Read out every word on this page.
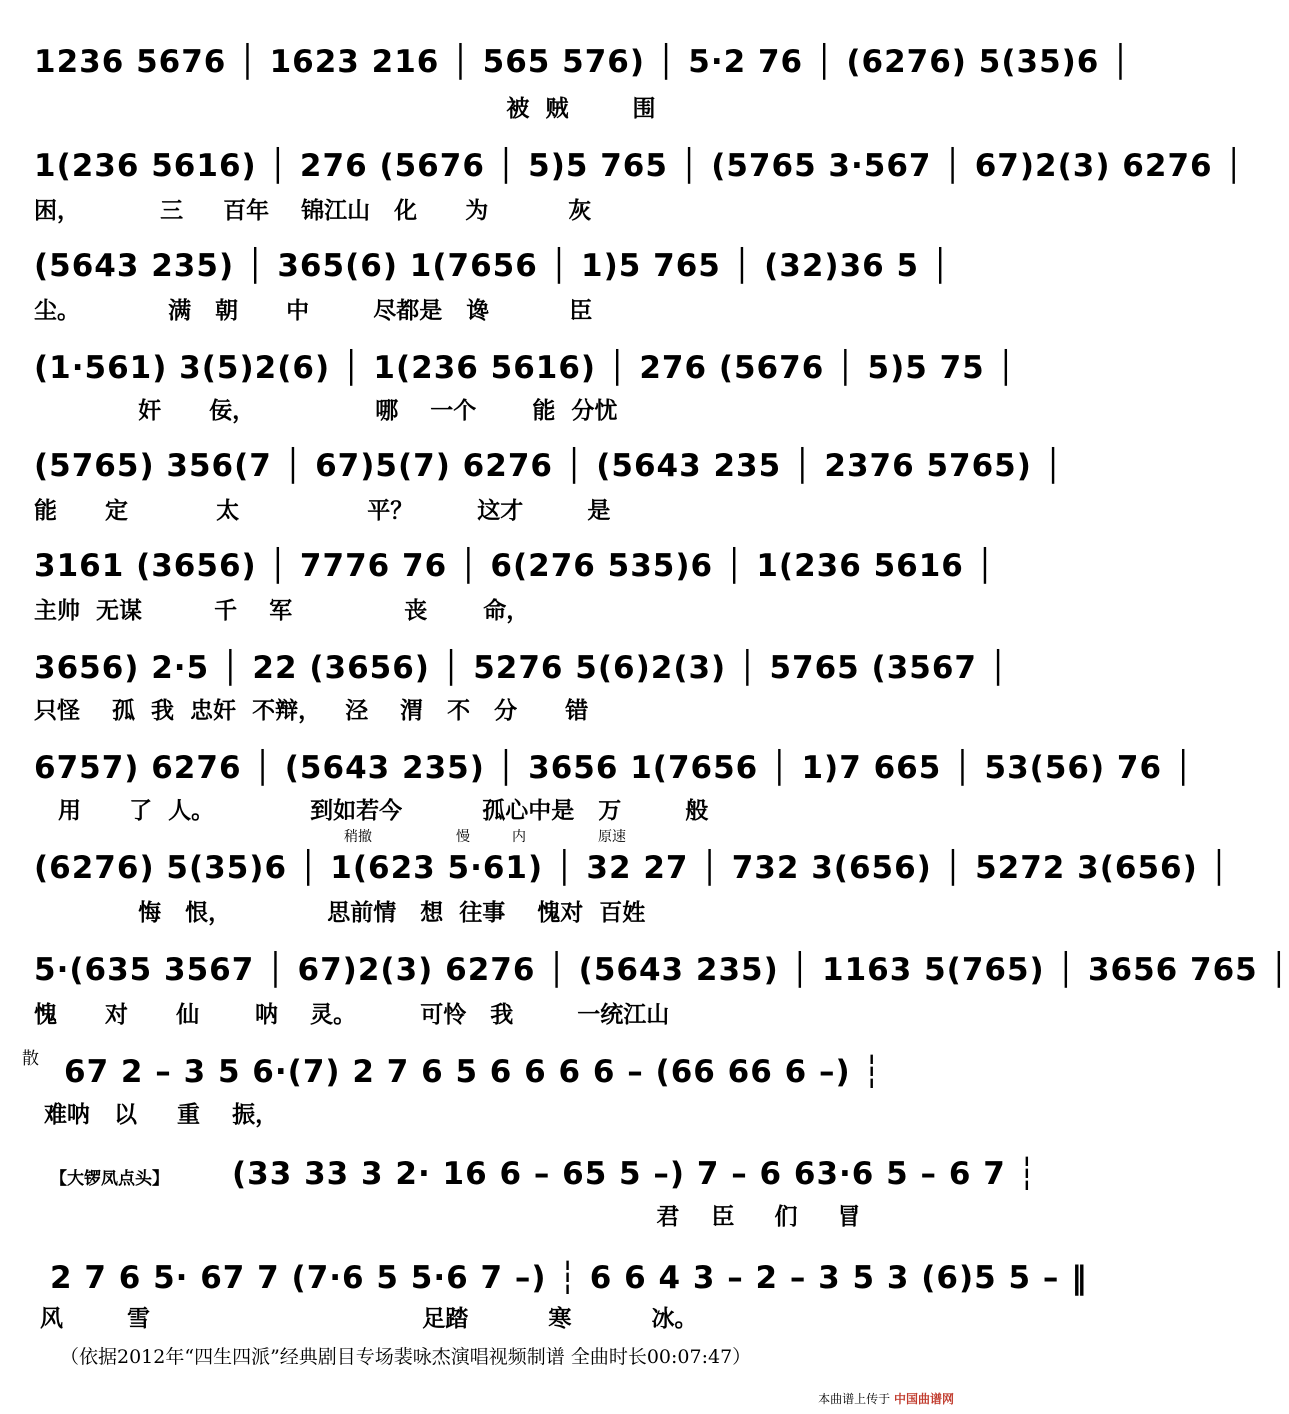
1236 5676 │ 1623 216 │ 565 576) │ 5·2 76 │ (6276) 5(35)6 │
被  贼        围
1(236 5616) │ 276 (5676 │ 5)5 765 │ (5765 3·567 │ 67)2(3) 6276 │
困，          三     百年    锦江山   化      为          灰
(5643 235) │ 365(6) 1(7656 │ 1)5 765 │ (32)36 5 │
尘。           满   朝      中        尽都是   谗          臣
(1·561) 3(5)2(6) │ 1(236 5616) │ 276 (5676 │ 5)5 75 │
奸      佞，               哪    一个       能  分忧
(5765) 356(7 │ 67)5(7) 6276 │ (5643 235 │ 2376 5765) │
能      定           太                平？        这才        是
3161 (3656) │ 7776 76 │ 6(276 535)6 │ 1(236 5616 │
主帅  无谋         千    军              丧       命，
3656) 2·5 │ 22 (3656) │ 5276 5(6)2(3) │ 5765 (3567 │
只怪    孤  我  忠奸  不辩，   泾    渭   不   分      错
6757) 6276 │ (5643 235) │ 3656 1(7656 │ 1)7 665 │ 53(56) 76 │
用      了  人。            到如若今          孤心中是   万        般
(6276) 5(35)6 │ 1(623 5·61) │ 32 27 │ 732 3(656) │ 5272 3(656) │
悔   恨，            思前情   想  往事    愧对  百姓
5·(635 3567 │ 67)2(3) 6276 │ (5643 235) │ 1163 5(765) │ 3656 765 │
愧      对      仙       呐    灵。        可怜   我        一统江山
67 2 – 3 5 6·(7) 2 7 6 5 6 6 6 6 – (66 66 6 –) ┆
难呐   以     重    振，
(33 33 3 2· 16 6 – 65 5 –) 7 – 6 63·6 5 – 6 7 ┆
君    臣     们     冒
2 7 6 5· 67 7 (7·6 5 5·6 7 –) ┆ 6 6 4 3 – 2 – 3 5 3 (6)5 5 – ‖
风        雪                                  足踏          寒          冰。
散
【大锣凤点头】
稍撤	慢	内	原速
（依据2012年“四生四派”经典剧目专场裴咏杰演唱视频制谱 全曲时长00:07:47）
本曲谱上传于 中国曲谱网
